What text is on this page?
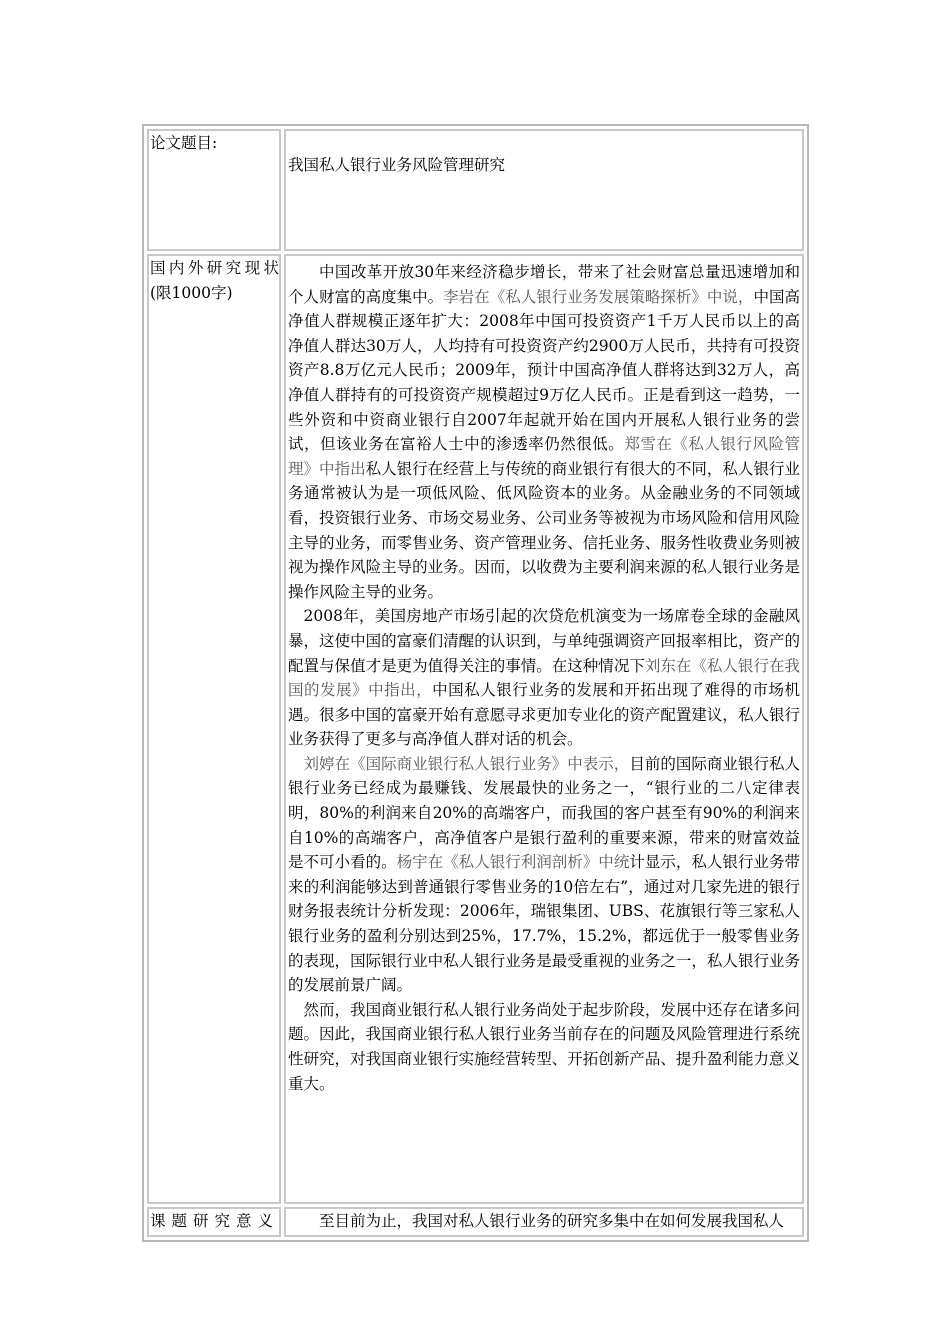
论文题目:	我国私人银行业务风险管理研究
国内外研究现状(限1000字)	中国改革开放30年来经济稳步增长，带来了社会财富总量迅速增加和个人财富的高度集中。李岩在《私人银行业务发展策略探析》中说，中国高净值人群规模正逐年扩大：2008年中国可投资资产1千万人民币以上的高净值人群达30万人，人均持有可投资资产约2900万人民币，共持有可投资资产8.8万亿元人民币；2009年，预计中国高净值人群将达到32万人，高净值人群持有的可投资资产规模超过9万亿人民币。正是看到这一趋势，一些外资和中资商业银行自2007年起就开始在国内开展私人银行业务的尝试，但该业务在富裕人士中的渗透率仍然很低。郑雪在《私人银行风险管理》中指出私人银行在经营上与传统的商业银行有很大的不同，私人银行业务通常被认为是一项低风险、低风险资本的业务。从金融业务的不同领域看，投资银行业务、市场交易业务、公司业务等被视为市场风险和信用风险主导的业务，而零售业务、资产管理业务、信托业务、服务性收费业务则被视为操作风险主导的业务。因而，以收费为主要利润来源的私人银行业务是操作风险主导的业务。

2008年，美国房地产市场引起的次贷危机演变为一场席卷全球的金融风暴，这使中国的富豪们清醒的认识到，与单纯强调资产回报率相比，资产的配置与保值才是更为值得关注的事情。在这种情况下刘东在《私人银行在我国的发展》中指出，中国私人银行业务的发展和开拓出现了难得的市场机遇。很多中国的富豪开始有意愿寻求更加专业化的资产配置建议，私人银行业务获得了更多与高净值人群对话的机会。

刘婷在《国际商业银行私人银行业务》中表示，目前的国际商业银行私人银行业务已经成为最赚钱、发展最快的业务之一，“银行业的二八定律表明，80%的利润来自20%的高端客户，而我国的客户甚至有90%的利润来自10%的高端客户，高净值客户是银行盈利的重要来源，带来的财富效益是不可小看的。杨宇在《私人银行利润剖析》中统计显示，私人银行业务带来的利润能够达到普通银行零售业务的10倍左右”，通过对几家先进的银行财务报表统计分析发现：2006年，瑞银集团、UBS、花旗银行等三家私人银行业务的盈利分别达到25%，17.7%，15.2%，都远优于一般零售业务的表现，国际银行业中私人银行业务是最受重视的业务之一，私人银行业务的发展前景广阔。

然而，我国商业银行私人银行业务尚处于起步阶段，发展中还存在诸多问题。因此，我国商业银行私人银行业务当前存在的问题及风险管理进行系统性研究，对我国商业银行实施经营转型、开拓创新产品、提升盈利能力意义重大。

课题研究意义	至目前为止，我国对私人银行业务的研究多集中在如何发展我国私人
